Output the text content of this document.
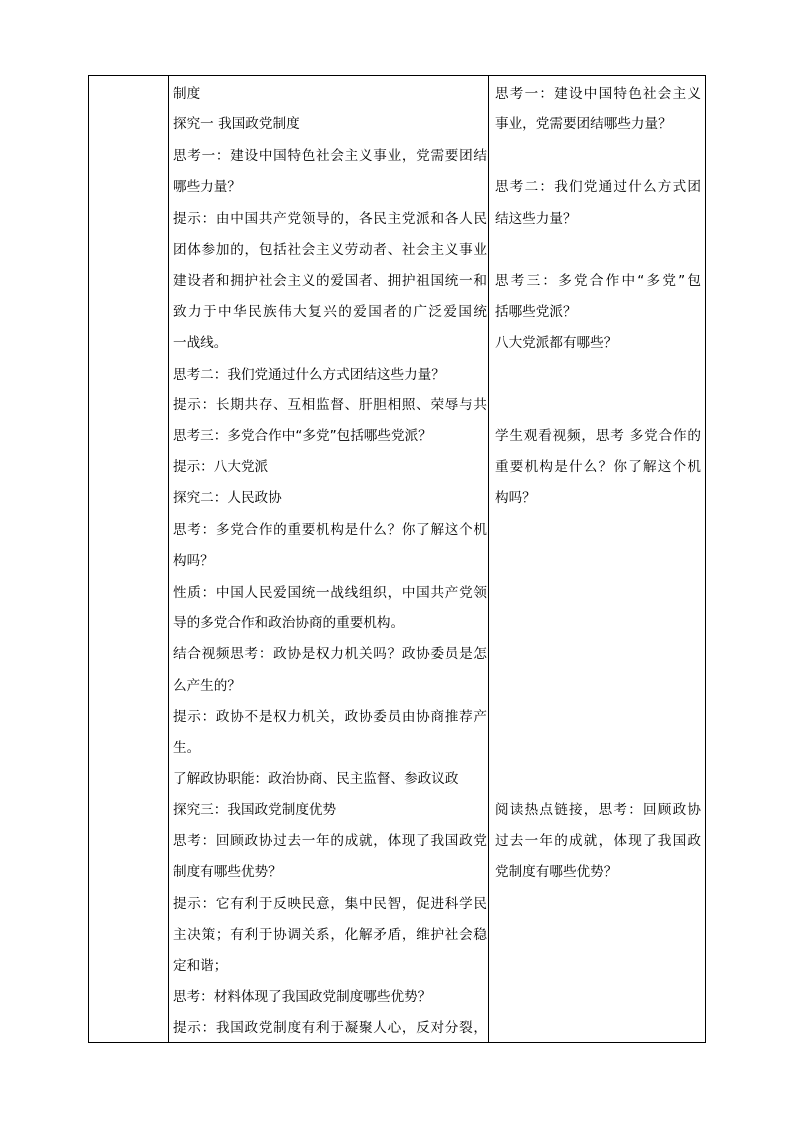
制度
探究一 我国政党制度
思考一：建设中国特色社会主义事业，党需要团结
哪些力量？
提示：由中国共产党领导的，各民主党派和各人民
团体参加的，包括社会主义劳动者、社会主义事业
建设者和拥护社会主义的爱国者、拥护祖国统一和
致力于中华民族伟大复兴的爱国者的广泛爱国统
一战线。
思考二：我们党通过什么方式团结这些力量？
提示：长期共存、互相监督、肝胆相照、荣辱与共
思考三：多党合作中“多党”包括哪些党派？
提示：八大党派
探究二：人民政协
思考：多党合作的重要机构是什么？你了解这个机
构吗？
性质：中国人民爱国统一战线组织，中国共产党领
导的多党合作和政治协商的重要机构。
结合视频思考：政协是权力机关吗？政协委员是怎
么产生的？
提示：政协不是权力机关，政协委员由协商推荐产
生。
了解政协职能：政治协商、民主监督、参政议政
探究三：我国政党制度优势
思考：回顾政协过去一年的成就，体现了我国政党
制度有哪些优势？
提示：它有利于反映民意，集中民智，促进科学民
主决策；有利于协调关系，化解矛盾，维护社会稳
定和谐；
思考：材料体现了我国政党制度哪些优势？
提示：我国政党制度有利于凝聚人心，反对分裂，
思考一：建设中国特色社会主义
事业，党需要团结哪些力量？
思考二：我们党通过什么方式团
结这些力量？
思考三：多党合作中“多党”包
括哪些党派？
八大党派都有哪些？
学生观看视频，思考 多党合作的
重要机构是什么？你了解这个机
构吗？
阅读热点链接，思考：回顾政协
过去一年的成就，体现了我国政
党制度有哪些优势？
